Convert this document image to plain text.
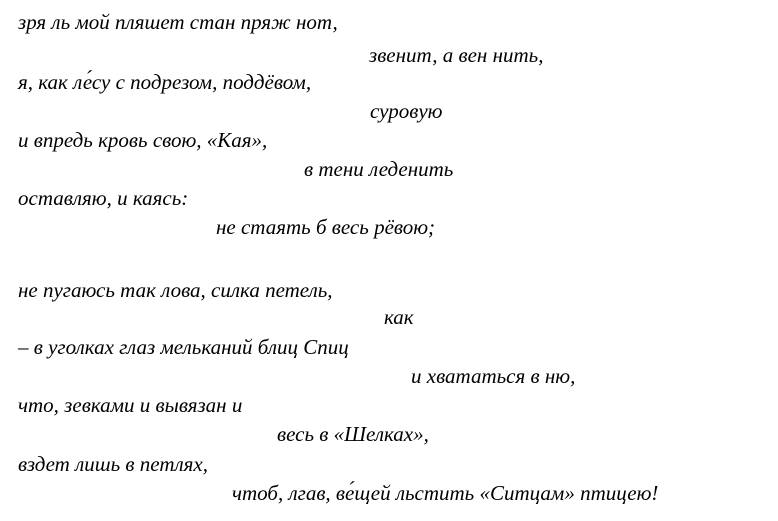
зря ль мой пляшет стан пряж нот,
звенит, а вен нить,
я, как ле́су с подрезом, поддёвом,
суровую
и впредь кровь свою, «Кая»,
в тени леденить
оставляю, и каясь:
не стаять б весь рёвою;
не пугаюсь так лова, силка петель,
как
– в уголках глаз мельканий блиц Спиц
и хвататься в ню,
что, зевками и вывязан и
весь в «Шелках»,
вздет лишь в петлях,
чтоб, лгав, ве́щей льстить «Ситцам» птицею!
